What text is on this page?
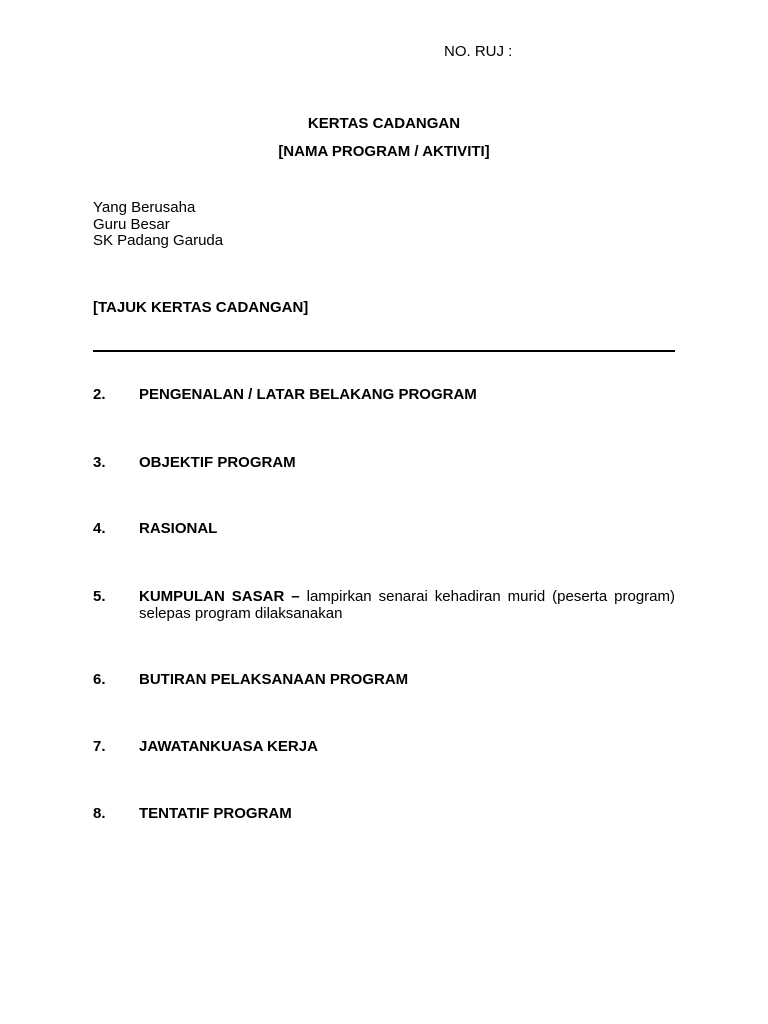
NO. RUJ :
KERTAS CADANGAN
[NAMA PROGRAM / AKTIVITI]
Yang Berusaha
Guru Besar
SK Padang Garuda
[TAJUK KERTAS CADANGAN]
2. PENGENALAN / LATAR BELAKANG PROGRAM
3. OBJEKTIF PROGRAM
4. RASIONAL
5. KUMPULAN SASAR – lampirkan senarai kehadiran murid (peserta program) selepas program dilaksanakan
6. BUTIRAN PELAKSANAAN PROGRAM
7. JAWATANKUASA KERJA
8. TENTATIF PROGRAM
